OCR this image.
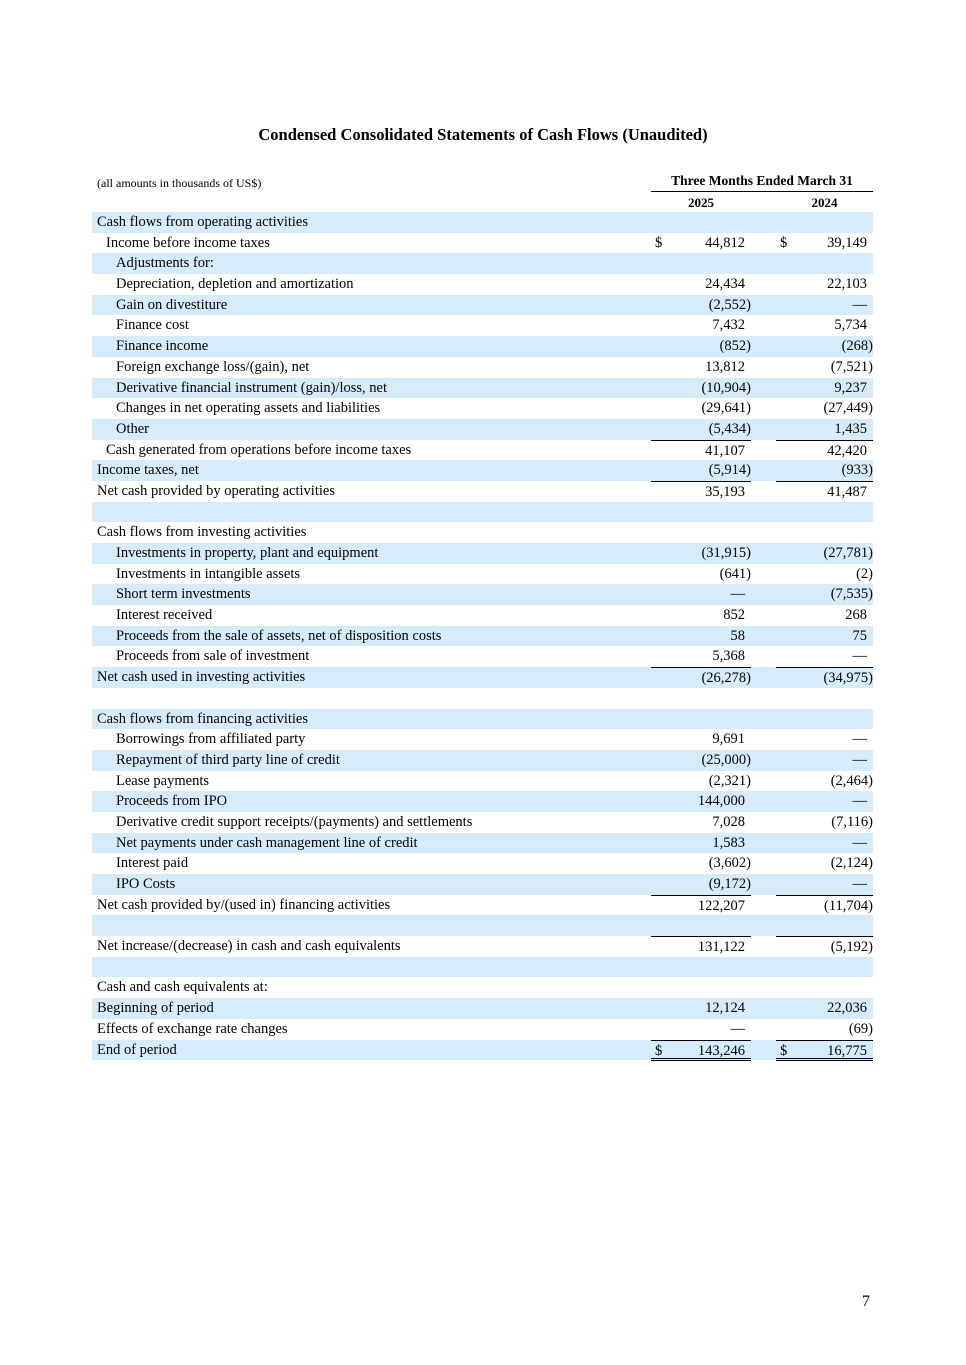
Condensed Consolidated Statements of Cash Flows (Unaudited)
(all amounts in thousands of US$)	Three Months Ended March 31
2025	2024
Cash flows from operating activities
Income before income taxes	$	44,812	$	39,149
Adjustments for:
Depreciation, depletion and amortization	24,434	22,103
Gain on divestiture	(2,552)	—
Finance cost	7,432	5,734
Finance income	(852)	(268)
Foreign exchange loss/(gain), net	13,812	(7,521)
Derivative financial instrument (gain)/loss, net	(10,904)	9,237
Changes in net operating assets and liabilities	(29,641)	(27,449)
Other	(5,434)	1,435
Cash generated from operations before income taxes	41,107	42,420
Income taxes, net	(5,914)	(933)
Net cash provided by operating activities	35,193	41,487
Cash flows from investing activities
Investments in property, plant and equipment	(31,915)	(27,781)
Investments in intangible assets	(641)	(2)
Short term investments	—	(7,535)
Interest received	852	268
Proceeds from the sale of assets, net of disposition costs	58	75
Proceeds from sale of investment	5,368	—
Net cash used in investing activities	(26,278)	(34,975)
Cash flows from financing activities
Borrowings from affiliated party	9,691	—
Repayment of third party line of credit	(25,000)	—
Lease payments	(2,321)	(2,464)
Proceeds from IPO	144,000	—
Derivative credit support receipts/(payments) and settlements	7,028	(7,116)
Net payments under cash management line of credit	1,583	—
Interest paid	(3,602)	(2,124)
IPO Costs	(9,172)	—
Net cash provided by/(used in) financing activities	122,207	(11,704)
Net increase/(decrease) in cash and cash equivalents	131,122	(5,192)
Cash and cash equivalents at:
Beginning of period	12,124	22,036
Effects of exchange rate changes	—	(69)
End of period	$ 143,246	$	16,775
7
